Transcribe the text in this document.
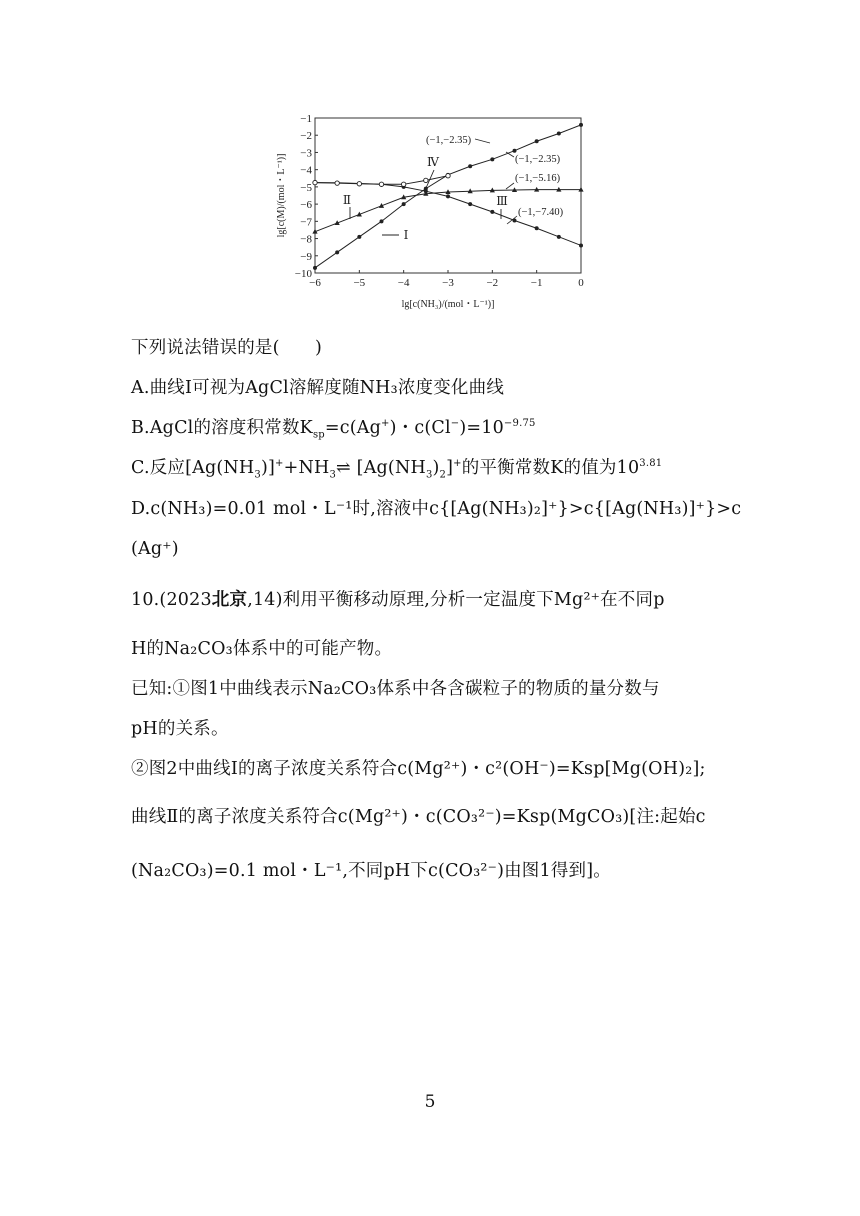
−6	−5	−4	−3	−2	−1	0
−1
−2
−3
−4
−5
−6
−7
−8
−9
−10
lg[c(NH₃)/(mol・L⁻¹)]
lg[c(M)/(mol・L⁻¹)]	Ⅰ
Ⅱ	Ⅲ
Ⅳ
(−1,−2.35)
(−1,−2.35)
(−1,−5.16)
(−1,−7.40)
下列说法错误的是(　　)
A.曲线Ⅰ可视为AgCl溶解度随NH₃浓度变化曲线
B.AgCl的溶度积常数$K_{sp}=c(Ag^+)$・$c(Cl^-)=10^{-9.75}$
C.反应$[Ag(NH_3)]^++NH_3\rightleftharpoons$ $[Ag(NH_3)_2]^+$的平衡常数K的值为$10^{3.81}$
D.c(NH₃)=0.01 mol・L⁻¹时,溶液中c{[Ag(NH₃)₂]⁺}>c{[Ag(NH₃)]⁺}>c
(Ag⁺)
10.(2023北京,14)利用平衡移动原理,分析一定温度下Mg²⁺在不同p
H的Na₂CO₃体系中的可能产物。
已知:①图1中曲线表示Na₂CO₃体系中各含碳粒子的物质的量分数与
pH的关系。
②图2中曲线Ⅰ的离子浓度关系符合c(Mg²⁺)・c²(OH⁻)=Ksp[Mg(OH)₂];
曲线Ⅱ的离子浓度关系符合c(Mg²⁺)・c(CO₃²⁻)=Ksp(MgCO₃)[注:起始c
(Na₂CO₃)=0.1 mol・L⁻¹,不同pH下c(CO₃²⁻)由图1得到]。
5
